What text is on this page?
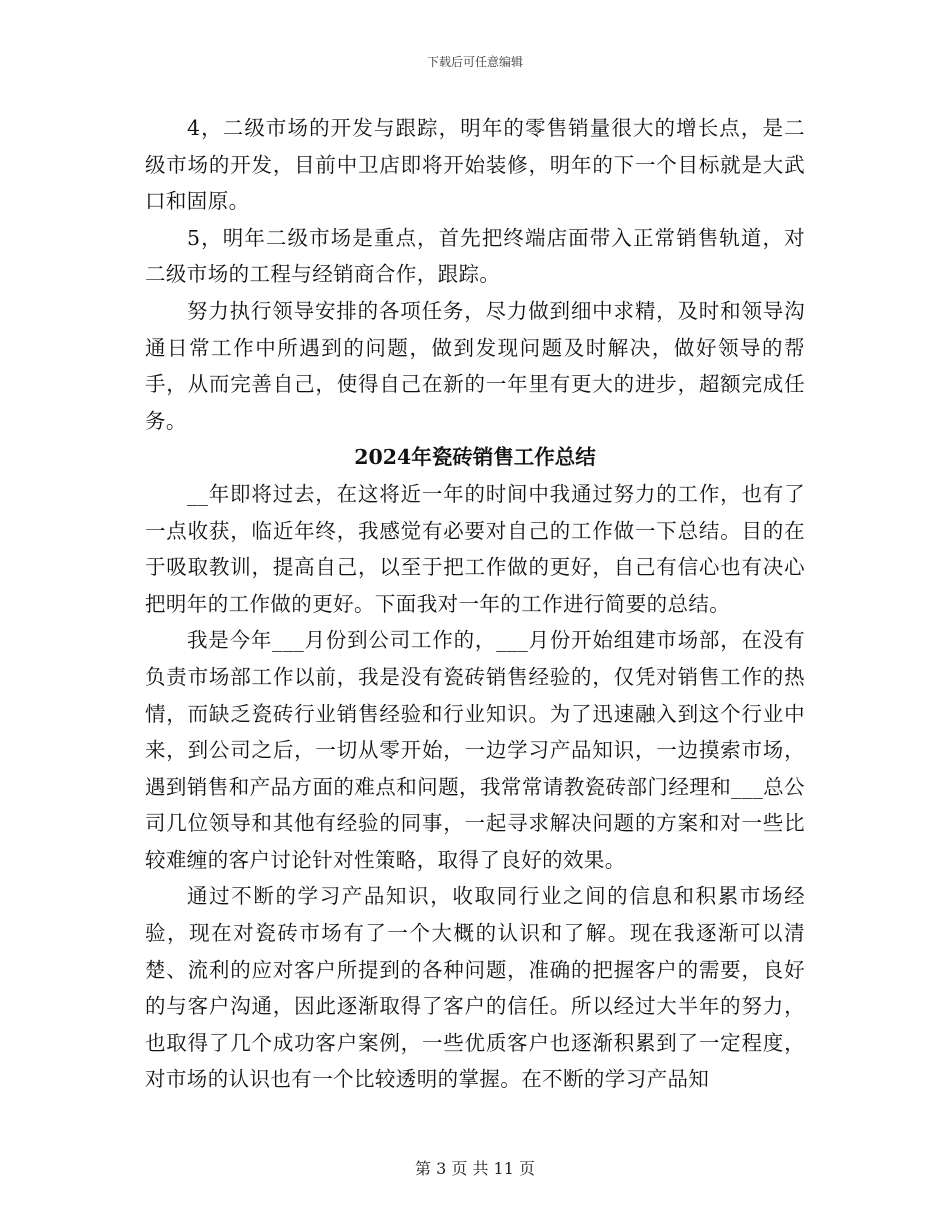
下载后可任意编辑

4，二级市场的开发与跟踪，明年的零售销量很大的增长点，是二级市场的开发，目前中卫店即将开始装修，明年的下一个目标就是大武口和固原。

5，明年二级市场是重点，首先把终端店面带入正常销售轨道，对二级市场的工程与经销商合作，跟踪。

努力执行领导安排的各项任务，尽力做到细中求精，及时和领导沟通日常工作中所遇到的问题，做到发现问题及时解决，做好领导的帮手，从而完善自己，使得自己在新的一年里有更大的进步，超额完成任务。

2024年瓷砖销售工作总结

__年即将过去，在这将近一年的时间中我通过努力的工作，也有了一点收获，临近年终，我感觉有必要对自己的工作做一下总结。目的在于吸取教训，提高自己，以至于把工作做的更好，自己有信心也有决心把明年的工作做的更好。下面我对一年的工作进行简要的总结。

我是今年___月份到公司工作的，___月份开始组建市场部，在没有负责市场部工作以前，我是没有瓷砖销售经验的，仅凭对销售工作的热情，而缺乏瓷砖行业销售经验和行业知识。为了迅速融入到这个行业中来，到公司之后，一切从零开始，一边学习产品知识，一边摸索市场，遇到销售和产品方面的难点和问题，我常常请教瓷砖部门经理和___总公司几位领导和其他有经验的同事，一起寻求解决问题的方案和对一些比较难缠的客户讨论针对性策略，取得了良好的效果。

通过不断的学习产品知识，收取同行业之间的信息和积累市场经验，现在对瓷砖市场有了一个大概的认识和了解。现在我逐渐可以清楚、流利的应对客户所提到的各种问题，准确的把握客户的需要，良好的与客户沟通，因此逐渐取得了客户的信任。所以经过大半年的努力，也取得了几个成功客户案例，一些优质客户也逐渐积累到了一定程度，对市场的认识也有一个比较透明的掌握。在不断的学习产品知

第 3 页 共 11 页
